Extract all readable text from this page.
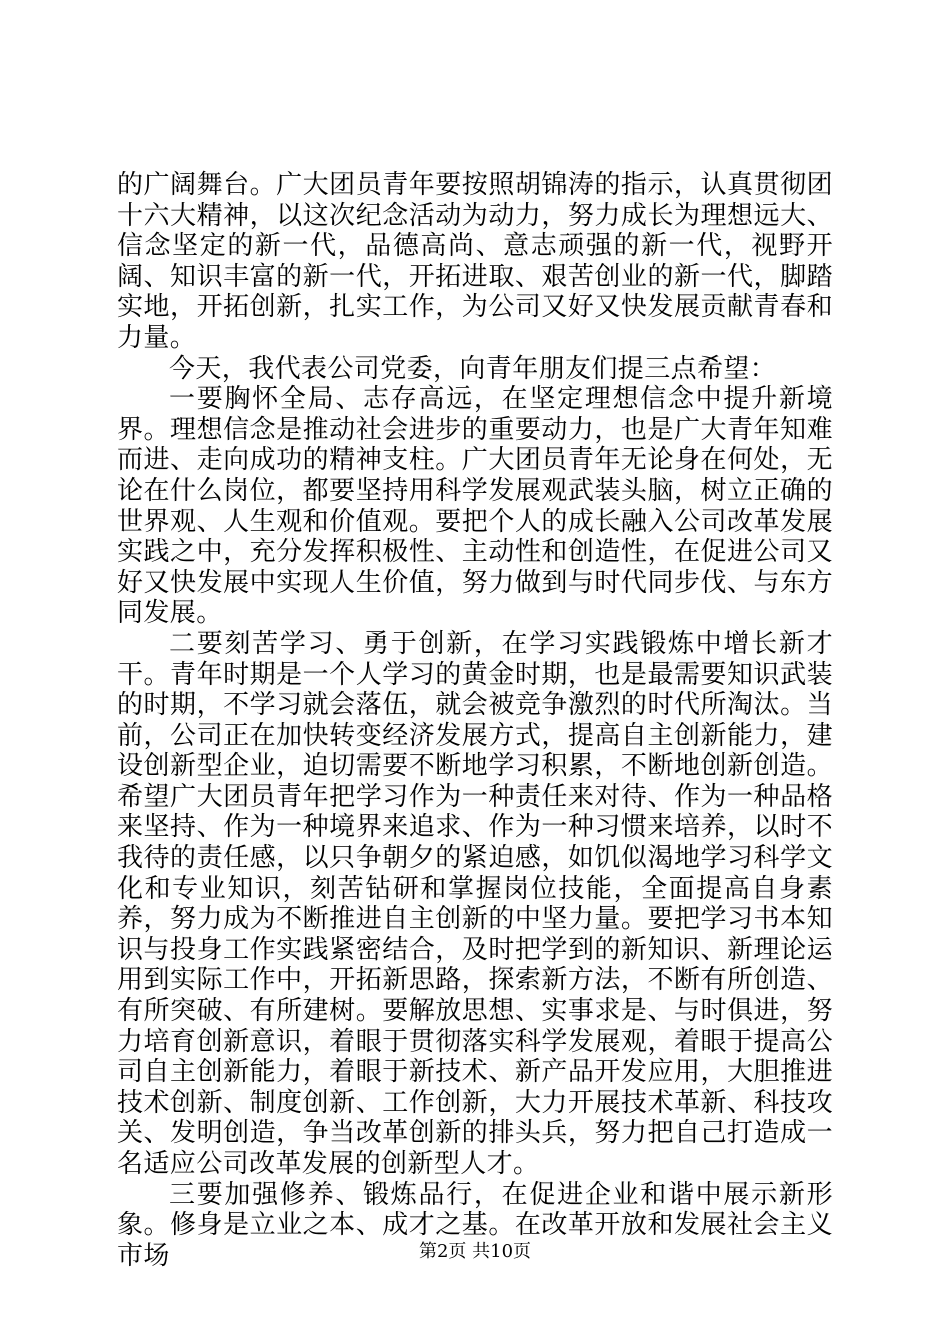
的广阔舞台。广大团员青年要按照胡锦涛的指示，认真贯彻团十六大精神，以这次纪念活动为动力，努力成长为理想远大、信念坚定的新一代，品德高尚、意志顽强的新一代，视野开阔、知识丰富的新一代，开拓进取、艰苦创业的新一代，脚踏实地，开拓创新，扎实工作，为公司又好又快发展贡献青春和力量。

今天，我代表公司党委，向青年朋友们提三点希望：

一要胸怀全局、志存高远，在坚定理想信念中提升新境界。理想信念是推动社会进步的重要动力，也是广大青年知难而进、走向成功的精神支柱。广大团员青年无论身在何处，无论在什么岗位，都要坚持用科学发展观武装头脑，树立正确的世界观、人生观和价值观。要把个人的成长融入公司改革发展实践之中，充分发挥积极性、主动性和创造性，在促进公司又好又快发展中实现人生价值，努力做到与时代同步伐、与东方同发展。

二要刻苦学习、勇于创新，在学习实践锻炼中增长新才干。青年时期是一个人学习的黄金时期，也是最需要知识武装的时期，不学习就会落伍，就会被竞争激烈的时代所淘汰。当前，公司正在加快转变经济发展方式，提高自主创新能力，建设创新型企业，迫切需要不断地学习积累，不断地创新创造。希望广大团员青年把学习作为一种责任来对待、作为一种品格来坚持、作为一种境界来追求、作为一种习惯来培养，以时不我待的责任感，以只争朝夕的紧迫感，如饥似渴地学习科学文化和专业知识，刻苦钻研和掌握岗位技能，全面提高自身素养，努力成为不断推进自主创新的中坚力量。要把学习书本知识与投身工作实践紧密结合，及时把学到的新知识、新理论运用到实际工作中，开拓新思路，探索新方法，不断有所创造、有所突破、有所建树。要解放思想、实事求是、与时俱进，努力培育创新意识，着眼于贯彻落实科学发展观，着眼于提高公司自主创新能力，着眼于新技术、新产品开发应用，大胆推进技术创新、制度创新、工作创新，大力开展技术革新、科技攻关、发明创造，争当改革创新的排头兵，努力把自己打造成一名适应公司改革发展的创新型人才。

三要加强修养、锻炼品行，在促进企业和谐中展示新形象。修身是立业之本、成才之基。在改革开放和发展社会主义市场	第2页 共10页
